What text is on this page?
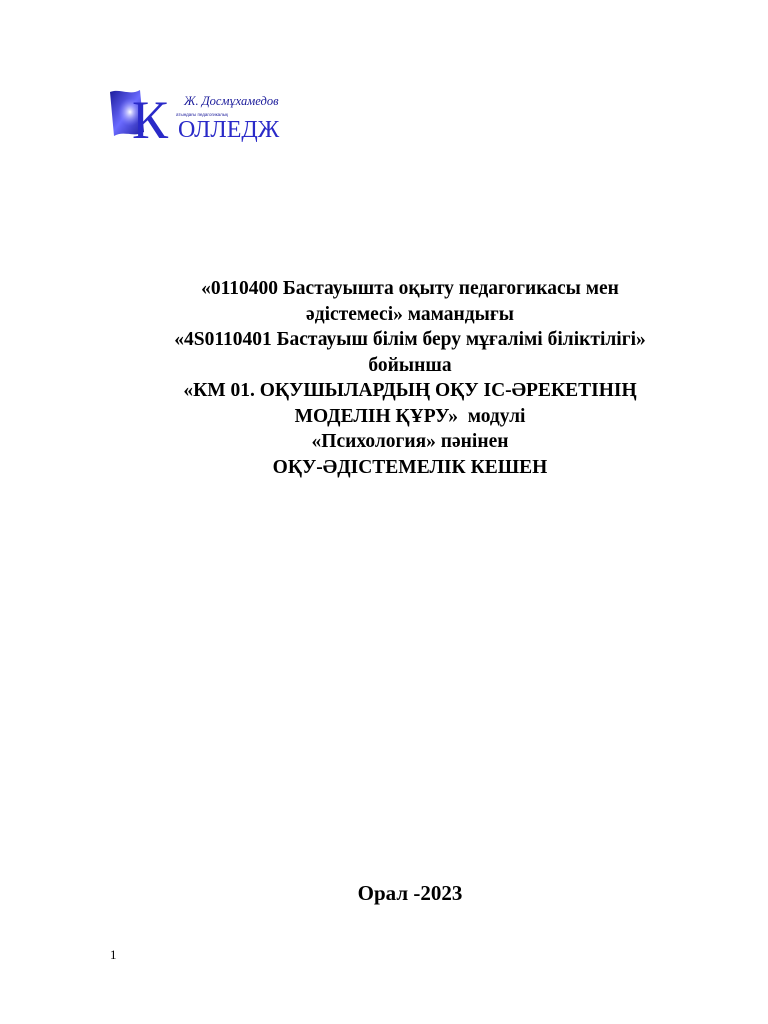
К Ж. Досмұхамедов
атындағы педагогикалық
ОЛЛЕДЖ
«0110400 Бастауышта оқыту педагогикасы мен
әдістемесі» мамандығы
«4S0110401 Бастауыш білім беру мұғалімі біліктілігі»
бойынша
«КМ 01. ОҚУШЫЛАРДЫҢ ОҚУ ІС-ӘРЕКЕТІНІҢ
МОДЕЛІН ҚҰРУ»  модулі
«Психология» пәнінен
ОҚУ-ӘДІСТЕМЕЛІК КЕШЕН
Орал -2023
1
